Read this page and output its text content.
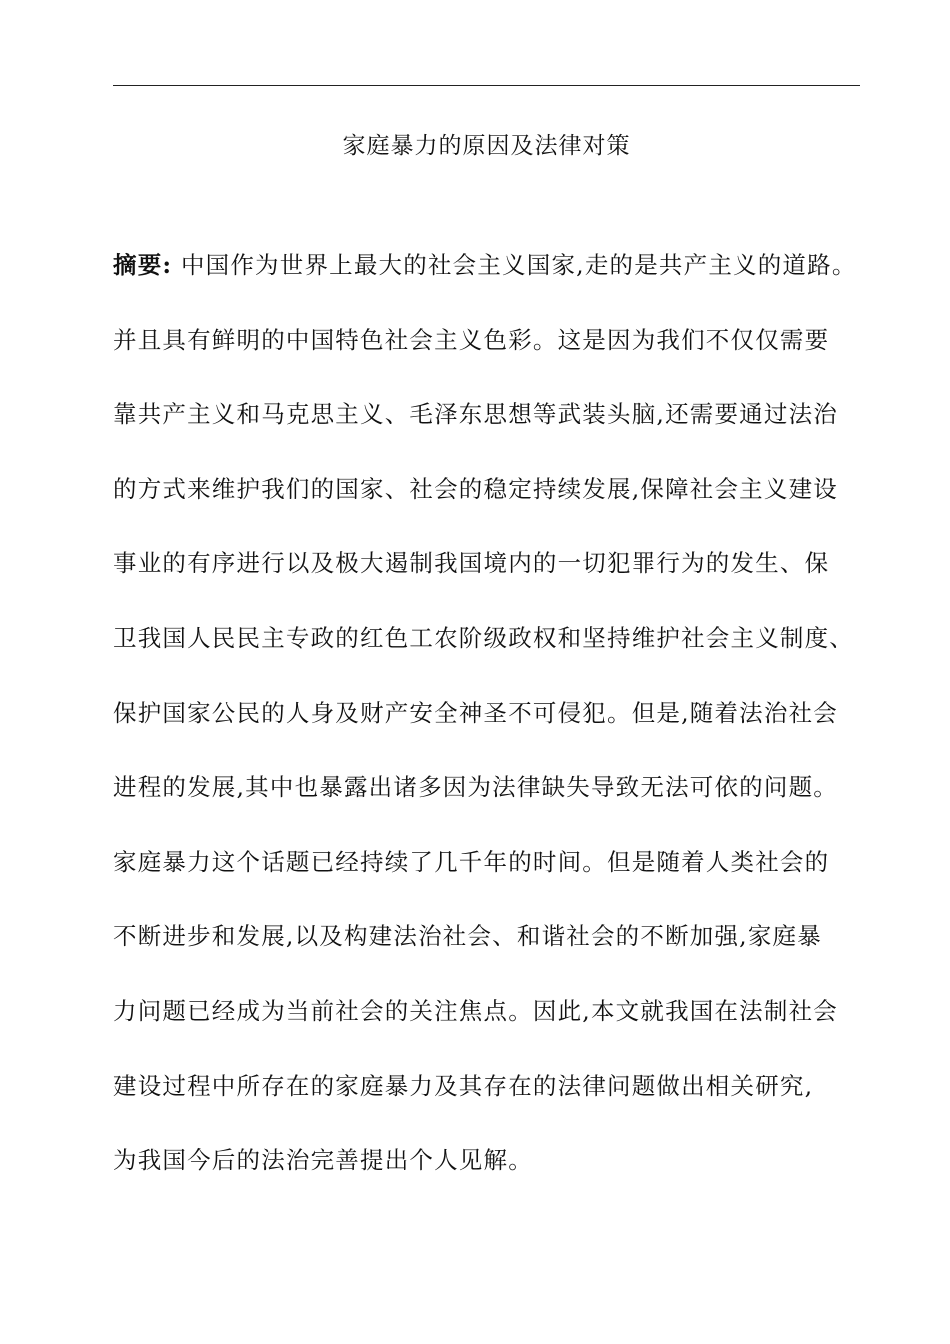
家庭暴力的原因及法律对策
摘要: 中国作为世界上最大的社会主义国家,走的是共产主义的道路。
并且具有鲜明的中国特色社会主义色彩。这是因为我们不仅仅需要
靠共产主义和马克思主义、毛泽东思想等武装头脑,还需要通过法治
的方式来维护我们的国家、社会的稳定持续发展,保障社会主义建设
事业的有序进行以及极大遏制我国境内的一切犯罪行为的发生、保
卫我国人民民主专政的红色工农阶级政权和坚持维护社会主义制度、
保护国家公民的人身及财产安全神圣不可侵犯。但是,随着法治社会
进程的发展,其中也暴露出诸多因为法律缺失导致无法可依的问题。
家庭暴力这个话题已经持续了几千年的时间。但是随着人类社会的
不断进步和发展,以及构建法治社会、和谐社会的不断加强,家庭暴
力问题已经成为当前社会的关注焦点。因此,本文就我国在法制社会
建设过程中所存在的家庭暴力及其存在的法律问题做出相关研究,
为我国今后的法治完善提出个人见解。
